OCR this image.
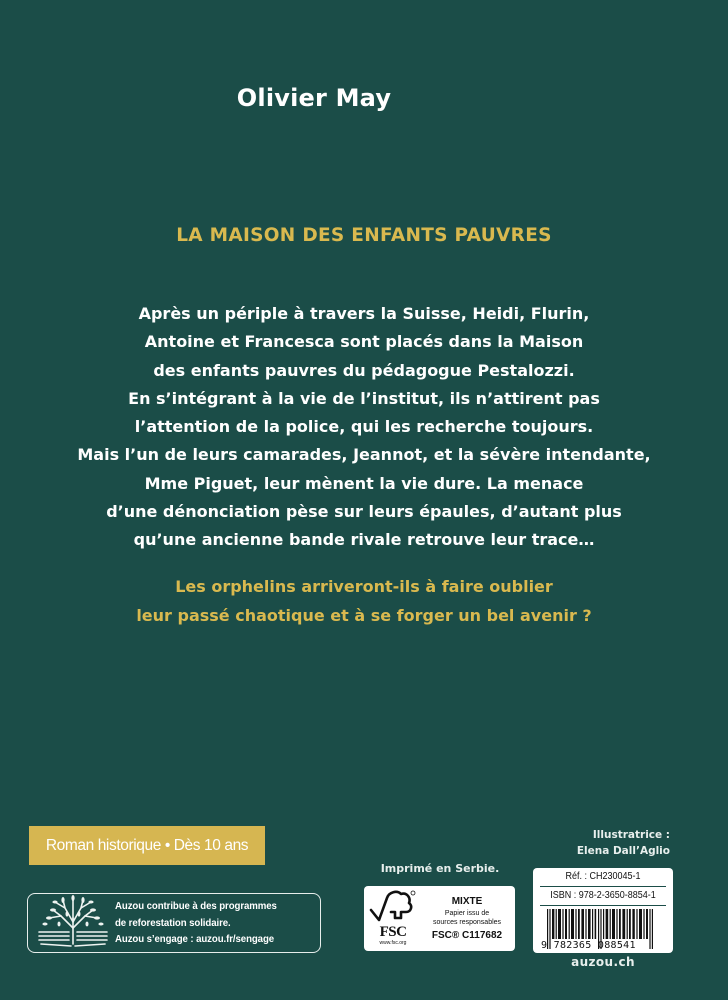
Olivier May
LA MAISON DES ENFANTS PAUVRES
Après un périple à travers la Suisse, Heidi, Flurin,
Antoine et Francesca sont placés dans la Maison
des enfants pauvres du pédagogue Pestalozzi.
En s’intégrant à la vie de l’institut, ils n’attirent pas
l’attention de la police, qui les recherche toujours.
Mais l’un de leurs camarades, Jeannot, et la sévère intendante,
Mme Piguet, leur mènent la vie dure. La menace
d’une dénonciation pèse sur leurs épaules, d’autant plus
qu’une ancienne bande rivale retrouve leur trace…
Les orphelins arriveront-ils à faire oublier
leur passé chaotique et à se forger un bel avenir ?
Roman historique • Dès 10 ans
Auzou contribue à des programmes
de reforestation solidaire.
Auzou s’engage : auzou.fr/sengage
Imprimé en Serbie.
FSC
www.fsc.org
MIXTE
Papier issu de
sources responsables
FSC® C117682
Illustratrice :
Elena Dall’Aglio
Réf. : CH230045-1
ISBN : 978-2-3650-8854-1
9 782365 088541
auzou.ch
